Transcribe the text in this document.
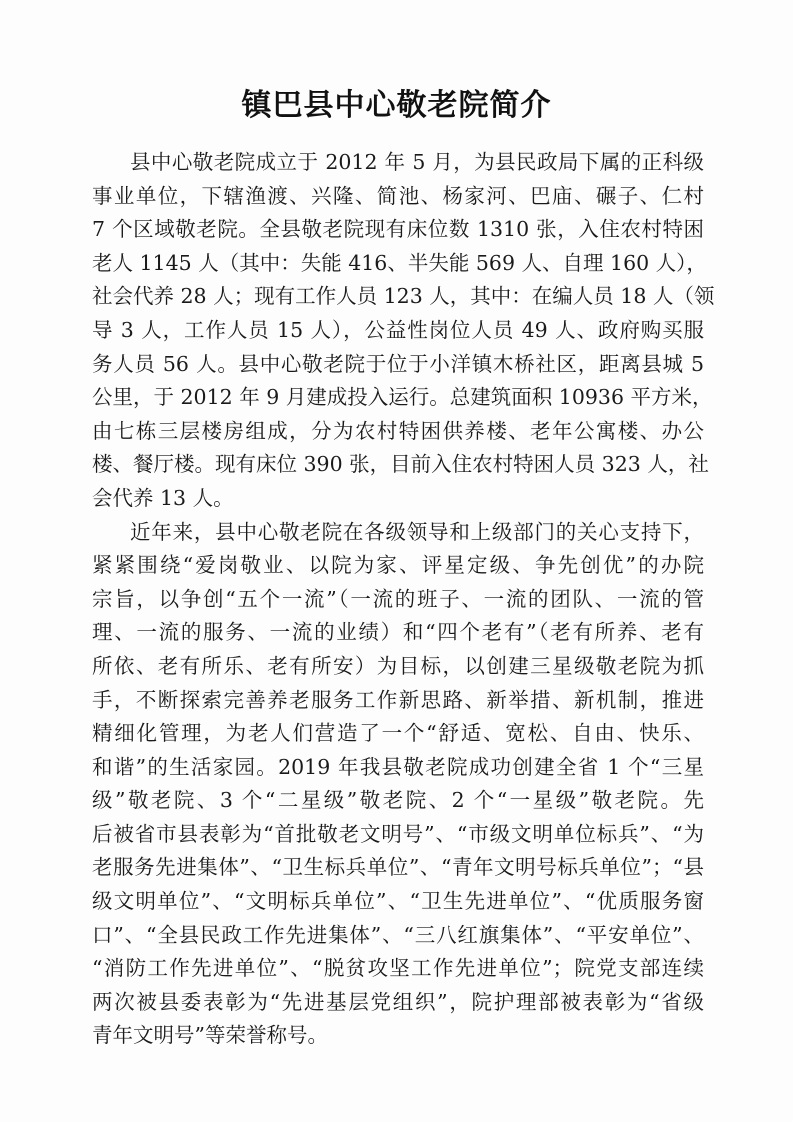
镇巴县中心敬老院简介
县中心敬老院成立于 2012 年 5 月，为县民政局下属的正科级
事业单位，下辖渔渡、兴隆、简池、杨家河、巴庙、碾子、仁村
7 个区域敬老院。全县敬老院现有床位数 1310 张，入住农村特困
老人 1145 人（其中：失能 416、半失能 569 人、自理 160 人），
社会代养 28 人；现有工作人员 123 人，其中：在编人员 18 人（领
导 3 人，工作人员 15 人），公益性岗位人员 49 人、政府购买服
务人员 56 人。县中心敬老院于位于小洋镇木桥社区，距离县城 5
公里，于 2012 年 9 月建成投入运行。总建筑面积 10936 平方米，
由七栋三层楼房组成，分为农村特困供养楼、老年公寓楼、办公
楼、餐厅楼。现有床位 390 张，目前入住农村特困人员 323 人，社
会代养 13 人。
近年来，县中心敬老院在各级领导和上级部门的关心支持下，
紧紧围绕“爱岗敬业、以院为家、评星定级、争先创优”的办院
宗旨，以争创“五个一流”（一流的班子、一流的团队、一流的管
理、一流的服务、一流的业绩）和“四个老有”（老有所养、老有
所依、老有所乐、老有所安）为目标，以创建三星级敬老院为抓
手，不断探索完善养老服务工作新思路、新举措、新机制，推进
精细化管理，为老人们营造了一个“舒适、宽松、自由、快乐、
和谐”的生活家园。2019 年我县敬老院成功创建全省 1 个“三星
级”敬老院、3 个“二星级”敬老院、2 个“一星级”敬老院。先
后被省市县表彰为“首批敬老文明号”、“市级文明单位标兵”、“为
老服务先进集体”、“卫生标兵单位”、“青年文明号标兵单位”；“县
级文明单位”、“文明标兵单位”、“卫生先进单位”、“优质服务窗
口”、“全县民政工作先进集体”、“三八红旗集体”、“平安单位”、
“消防工作先进单位”、“脱贫攻坚工作先进单位”；院党支部连续
两次被县委表彰为“先进基层党组织”，院护理部被表彰为“省级
青年文明号”等荣誉称号。
